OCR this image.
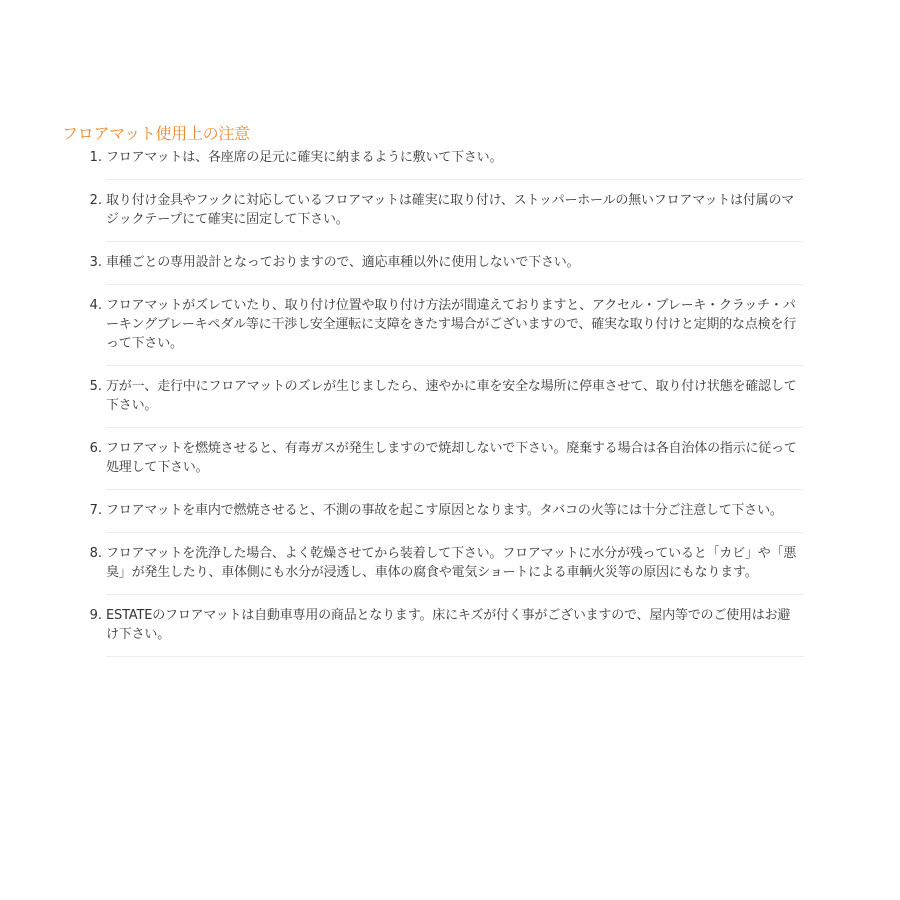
フロアマット使用上の注意
1. フロアマットは、各座席の足元に確実に納まるように敷いて下さい。
2. 取り付け金具やフックに対応しているフロアマットは確実に取り付け、ストッパーホールの無いフロアマットは付属のマジックテープにて確実に固定して下さい。
3. 車種ごとの専用設計となっておりますので、適応車種以外に使用しないで下さい。
4. フロアマットがズレていたり、取り付け位置や取り付け方法が間違えておりますと、アクセル・ブレーキ・クラッチ・パーキングブレーキペダル等に干渉し安全運転に支障をきたす場合がございますので、確実な取り付けと定期的な点検を行って下さい。
5. 万が一、走行中にフロアマットのズレが生じましたら、速やかに車を安全な場所に停車させて、取り付け状態を確認して下さい。
6. フロアマットを燃焼させると、有毒ガスが発生しますので焼却しないで下さい。廃棄する場合は各自治体の指示に従って処理して下さい。
7. フロアマットを車内で燃焼させると、不測の事故を起こす原因となります。タバコの火等には十分ご注意して下さい。
8. フロアマットを洗浄した場合、よく乾燥させてから装着して下さい。フロアマットに水分が残っていると「カビ」や「悪臭」が発生したり、車体側にも水分が浸透し、車体の腐食や電気ショートによる車輌火災等の原因にもなります。
9. ESTATEのフロアマットは自動車専用の商品となります。床にキズが付く事がございますので、屋内等でのご使用はお避け下さい。
